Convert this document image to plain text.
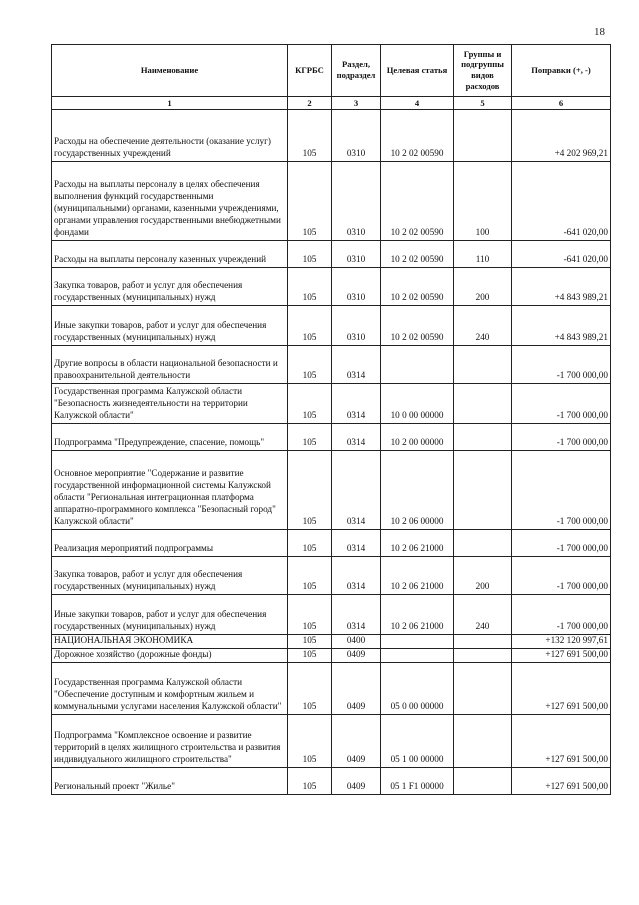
18
Наименование	КГРБС	Раздел, подраздел	Целевая статья	Группы и подгруппы видов расходов	Поправки (+, -)
1	2	3	4	5	6
Расходы на обеспечение деятельности (оказание услуг) государственных учреждений	105	0310	10 2 02 00590		+4 202 969,21
Расходы на выплаты персоналу в целях обеспечения выполнения функций государственными (муниципальными) органами, казенными учреждениями, органами управления государственными внебюджетными фондами	105	0310	10 2 02 00590	100	-641 020,00
Расходы на выплаты персоналу казенных учреждений	105	0310	10 2 02 00590	110	-641 020,00
Закупка товаров, работ и услуг для обеспечения государственных (муниципальных) нужд	105	0310	10 2 02 00590	200	+4 843 989,21
Иные закупки товаров, работ и услуг для обеспечения государственных (муниципальных) нужд	105	0310	10 2 02 00590	240	+4 843 989,21
Другие вопросы в области национальной безопасности и правоохранительной деятельности	105	0314			-1 700 000,00
Государственная программа Калужской области "Безопасность жизнедеятельности на территории Калужской области"	105	0314	10 0 00 00000		-1 700 000,00
Подпрограмма "Предупреждение, спасение, помощь"	105	0314	10 2 00 00000		-1 700 000,00
Основное мероприятие "Содержание и развитие государственной информационной системы Калужской области "Региональная интеграционная платформа аппаратно-программного комплекса "Безопасный город" Калужской области"	105	0314	10 2 06 00000		-1 700 000,00
Реализация мероприятий подпрограммы	105	0314	10 2 06 21000		-1 700 000,00
Закупка товаров, работ и услуг для обеспечения государственных (муниципальных) нужд	105	0314	10 2 06 21000	200	-1 700 000,00
Иные закупки товаров, работ и услуг для обеспечения государственных (муниципальных) нужд	105	0314	10 2 06 21000	240	-1 700 000,00
НАЦИОНАЛЬНАЯ ЭКОНОМИКА	105	0400			+132 120 997,61
Дорожное хозяйство (дорожные фонды)	105	0409			+127 691 500,00
Государственная программа Калужской области "Обеспечение доступным и комфортным жильем и коммунальными услугами населения Калужской области"	105	0409	05 0 00 00000		+127 691 500,00
Подпрограмма "Комплексное освоение и развитие территорий в целях жилищного строительства и развития индивидуального жилищного строительства"	105	0409	05 1 00 00000		+127 691 500,00
Региональный проект "Жилье"	105	0409	05 1 F1 00000		+127 691 500,00
